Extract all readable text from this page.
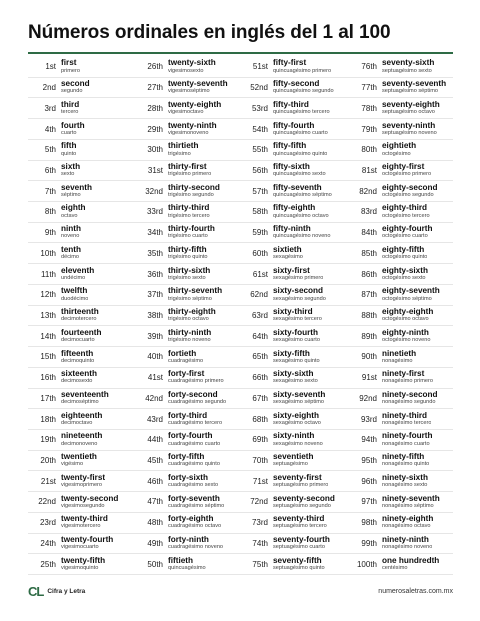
Números ordinales en inglés del 1 al 100
1st first
primero
2nd second
segundo
3rd third
tercero
4th fourth
cuarto
5th fifth
quinto
6th sixth
sexto
7th seventh
séptimo
8th eighth
octavo
9th ninth
noveno
10th tenth
décimo
11th eleventh
undécimo
12th twelfth
duodécimo
13th thirteenth
decimotercero
14th fourteenth
decimocuarto
15th fifteenth
decimoquinto
16th sixteenth
decimosexto
17th seventeenth
decimoséptimo
18th eighteenth
decimoctavo
19th nineteenth
decimonoveno
20th twentieth
vigésimo
21st twenty-first
vigesimoprimero
22nd twenty-second
vigesimosegundo
23rd twenty-third
vigesimotercero
24th twenty-fourth
vigesimocuarto
25th twenty-fifth
vigesimoquinto
26th twenty-sixth
vigesimosexto
27th twenty-seventh
vigesimoséptimo
28th twenty-eighth
vigesimoctavo
29th twenty-ninth
vigesimonoveno
30th thirtieth
trigésimo
31st thirty-first
trigésimo primero
32nd thirty-second
trigésimo segundo
33rd thirty-third
trigésimo tercero
34th thirty-fourth
trigésimo cuarto
35th thirty-fifth
trigésimo quinto
36th thirty-sixth
trigésimo sexto
37th thirty-seventh
trigésimo séptimo
38th thirty-eighth
trigésimo octavo
39th thirty-ninth
trigésimo noveno
40th fortieth
cuadragésimo
41st forty-first
cuadragésimo primero
42nd forty-second
cuadragésimo segundo
43rd forty-third
cuadragésimo tercero
44th forty-fourth
cuadragésimo cuarto
45th forty-fifth
cuadragésimo quinto
46th forty-sixth
cuadragésimo sexto
47th forty-seventh
cuadragésimo séptimo
48th forty-eighth
cuadragésimo octavo
49th forty-ninth
cuadragésimo noveno
50th fiftieth
quincuagésimo
51st fifty-first
quincuagésimo primero
52nd fifty-second
quincuagésimo segundo
53rd fifty-third
quincuagésimo tercero
54th fifty-fourth
quincuagésimo cuarto
55th fifty-fifth
quincuagésimo quinto
56th fifty-sixth
quincuagésimo sexto
57th fifty-seventh
quincuagésimo séptimo
58th fifty-eighth
quincuagésimo octavo
59th fifty-ninth
quincuagésimo noveno
60th sixtieth
sexagésimo
61st sixty-first
sexagésimo primero
62nd sixty-second
sexagésimo segundo
63rd sixty-third
sexagésimo tercero
64th sixty-fourth
sexagésimo cuarto
65th sixty-fifth
sexagésimo quinto
66th sixty-sixth
sexagésimo sexto
67th sixty-seventh
sexagésimo séptimo
68th sixty-eighth
sexagésimo octavo
69th sixty-ninth
sexagésimo noveno
70th seventieth
septuagésimo
71st seventy-first
septuagésimo primero
72nd seventy-second
septuagésimo segundo
73rd seventy-third
septuagésimo tercero
74th seventy-fourth
septuagésimo cuarto
75th seventy-fifth
septuagésimo quinto
76th seventy-sixth
septuagésimo sexto
77th seventy-seventh
septuagésimo séptimo
78th seventy-eighth
septuagésimo octavo
79th seventy-ninth
septuagésimo noveno
80th eightieth
octogésimo
81st eighty-first
octogésimo primero
82nd eighty-second
octogésimo segundo
83rd eighty-third
octogésimo tercero
84th eighty-fourth
octogésimo cuarto
85th eighty-fifth
octogésimo quinto
86th eighty-sixth
octogésimo sexto
87th eighty-seventh
octogésimo séptimo
88th eighty-eighth
octogésimo octavo
89th eighty-ninth
octogésimo noveno
90th ninetieth
nonagésimo
91st ninety-first
nonagésimo primero
92nd ninety-second
nonagésimo segundo
93rd ninety-third
nonagésimo tercero
94th ninety-fourth
nonagésimo cuarto
95th ninety-fifth
nonagésimo quinto
96th ninety-sixth
nonagésimo sexto
97th ninety-seventh
nonagésimo séptimo
98th ninety-eighth
nonagésimo octavo
99th ninety-ninth
nonagésimo noveno
100th one hundredth
centésimo
CL Cifra y Letra	numerosaletras.com.mx
